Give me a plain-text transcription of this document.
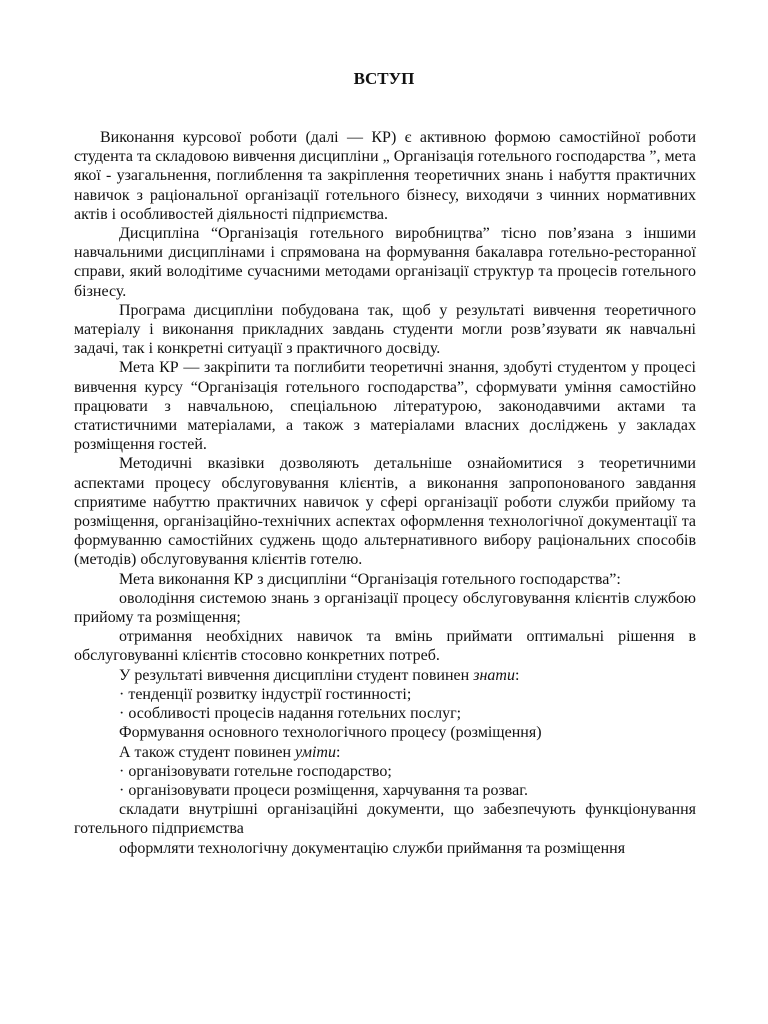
ВСТУП

Виконання курсової роботи (далі — КР) є активною формою самостійної роботи студента та складовою вивчення дисципліни „ Організація готельного господарства ”, мета якої - узагальнення, поглиблення та закріплення теоретичних знань і набуття практичних навичок з раціональної організації готельного бізнесу, виходячи з чинних нормативних актів і особливостей діяльності підприємства.

Дисципліна “Організація готельного виробництва” тісно пов’язана з іншими навчальними дисциплінами і спрямована на формування бакалавра готельно-ресторанної справи, який володітиме сучасними методами організації структур та процесів готельного бізнесу.

Програма дисципліни побудована так, щоб у результаті вивчення теоретичного матеріалу і виконання прикладних завдань студенти могли розв’язувати як навчальні задачі, так і конкретні ситуації з практичного досвіду.

Мета КР — закріпити та поглибити теоретичні знання, здобуті студентом у процесі вивчення курсу “Організація готельного господарства”, сформувати уміння самостійно працювати з навчальною, спеціальною літературою, законодавчими актами та статистичними матеріалами, а також з матеріалами власних досліджень у закладах розміщення гостей.

Методичні вказівки дозволяють детальніше ознайомитися з теоретичними аспектами процесу обслуговування клієнтів, а виконання запропонованого завдання сприятиме набуттю практичних навичок у сфері організації роботи служби прийому та розміщення, організаційно-технічних аспектах оформлення технологічної документації та формуванню самостійних суджень щодо альтернативного вибору раціональних способів (методів) обслуговування клієнтів готелю.

Мета виконання КР з дисципліни “Організація готельного господарства”:

оволодіння системою знань з організації процесу обслуговування клієнтів службою прийому та розміщення;

отримання необхідних навичок та вмінь приймати оптимальні рішення в обслуговуванні клієнтів стосовно конкретних потреб.

У результаті вивчення дисципліни студент повинен знати:

· тенденції розвитку індустрії гостинності;

· особливості процесів надання готельних послуг;

Формування основного технологічного процесу (розміщення)

А також студент повинен уміти:

· організовувати готельне господарство;

· організовувати процеси розміщення, харчування та розваг.

складати внутрішні організаційні документи, що забезпечують функціонування готельного підприємства

оформляти технологічну документацію служби приймання та розміщення
